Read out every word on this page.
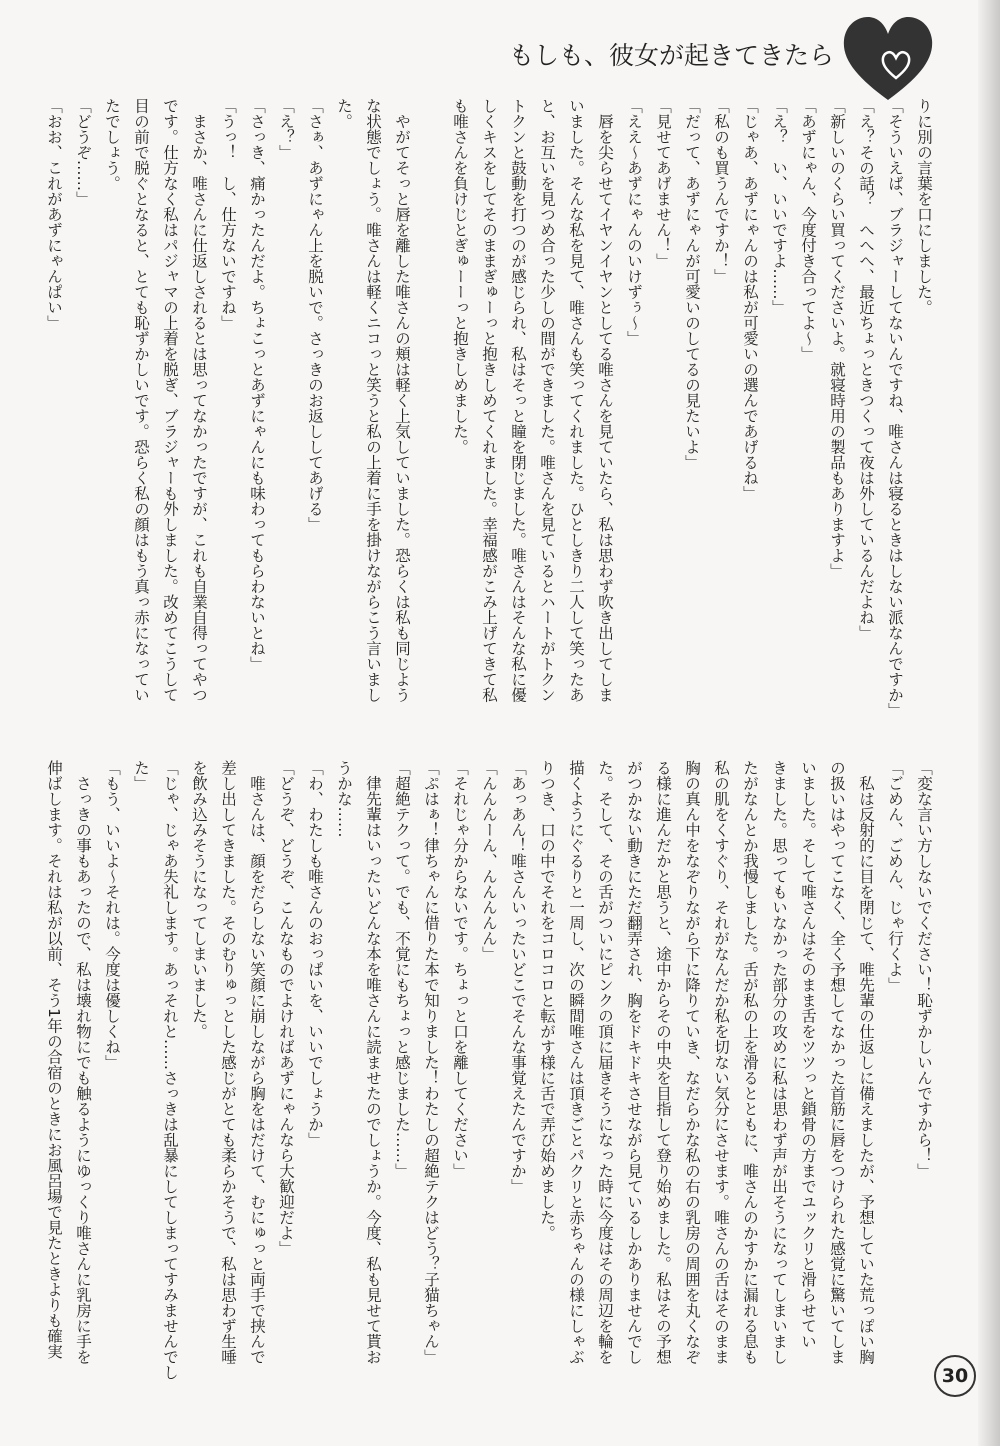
もしも、彼女が起きてきたら
りに別の言葉を口にしました。
「そういえば、ブラジャーしてないんですね、唯さんは寝るときはしない派なんですか」
「え？その話？　へへへ、最近ちょっときつくって夜は外しているんだよね」
「新しいのくらい買ってくださいよ。就寝時用の製品もありますよ」
「あずにゃん、今度付き合ってよ～」
「え？　い、いいですよ……」
「じゃあ、あずにゃんのは私が可愛いの選んであげるね」
「私のも買うんですか！」
「だって、あずにゃんが可愛いのしてるの見たいよ」
「見せてあげません！」
「ええ～あずにゃんのいけずぅ～」
　唇を尖らせてイヤンイヤンとしてる唯さんを見ていたら、私は思わず吹き出してしま
いました。そんな私を見て、唯さんも笑ってくれました。ひとしきり二人して笑ったあ
と、お互いを見つめ合った少しの間ができました。唯さんを見ているとハートがトクン
トクンと鼓動を打つのが感じられ、私はそっと瞳を閉じました。唯さんはそんな私に優
しくキスをしてそのままぎゅーっと抱きしめてくれました。幸福感がこみ上げてきて私
も唯さんを負けじとぎゅーーっと抱きしめました。
　やがてそっと唇を離した唯さんの頬は軽く上気していました。恐らくは私も同じよう
な状態でしょう。唯さんは軽くニコっと笑うと私の上着に手を掛けながらこう言いまし
た。
「さぁ、あずにゃん上を脱いで。さっきのお返ししてあげる」
「え？」
「さっき、痛かったんだよ。ちょこっとあずにゃんにも味わってもらわないとね」
「うっ！　し、仕方ないですね」
　まさか、唯さんに仕返しされるとは思ってなかったですが、これも自業自得ってやつ
です。仕方なく私はパジャマの上着を脱ぎ、ブラジャーも外しました。改めてこうして
目の前で脱ぐとなると、とても恥ずかしいです。恐らく私の顔はもう真っ赤になってい
たでしょう。
「どうぞ……」
「おお、これがあずにゃんぱい」
「変な言い方しないでください！恥ずかしいんですから！」
「ごめん、ごめん、じゃ行くよ」
　私は反射的に目を閉じて、唯先輩の仕返しに備えましたが、予想していた荒っぽい胸
の扱いはやってこなく、全く予想してなかった首筋に唇をつけられた感覚に驚いてしま
いました。そして唯さんはそのまま舌をツツっと鎖骨の方までユックリと滑らせてい
きました。思ってもいなかった部分の攻めに私は思わず声が出そうになってしまいまし
たがなんとか我慢しました。舌が私の上を滑るとともに、唯さんのかすかに漏れる息も
私の肌をくすぐり、それがなんだか私を切ない気分にさせます。唯さんの舌はそのまま
胸の真ん中をなぞりながら下に降りていき、なだらかな私の右の乳房の周囲を丸くなぞ
る様に進んだかと思うと、途中からその中央を目指して登り始めました。私はその予想
がつかない動きにただ翻弄され、胸をドキドキさせながら見ているしかありませんでし
た。そして、その舌がついにピンクの頂に届きそうになった時に今度はその周辺を輪を
描くようにぐるりと一周し、次の瞬間唯さんは頂きごとパクリと赤ちゃんの様にしゃぶ
りつき、口の中でそれをコロコロと転がす様に舌で弄び始めました。
「あっあん！唯さんいったいどこでそんな事覚えたんですか」
「んんんーん、んんんんん」
「それじゃ分からないです。ちょっと口を離してください」
「ぷはぁ！律ちゃんに借りた本で知りました！わたしの超絶テクはどう？子猫ちゃん」
「超絶テクって。でも、不覚にもちょっと感じました……」
　律先輩はいったいどんな本を唯さんに読ませたのでしょうか。今度、私も見せて貰お
うかな……
「わ、わたしも唯さんのおっぱいを、いいでしょうか」
「どうぞ、どうぞ、こんなものでよければあずにゃんなら大歓迎だよ」
　唯さんは、顔をだらしない笑顔に崩しながら胸をはだけて、むにゅっと両手で挟んで
差し出してきました。そのむりゅっとした感じがとても柔らかそうで、私は思わず生唾
を飲み込みそうになってしまいました。
「じゃ、じゃあ失礼します。あっそれと……さっきは乱暴にしてしまってすみませんでし
た」
「もう、いいよ～それは。今度は優しくね」
　さっきの事もあったので、私は壊れ物にでも触るようにゆっくり唯さんに乳房に手を
伸ばします。それは私が以前、そう1年の合宿のときにお風呂場で見たときよりも確実
30
